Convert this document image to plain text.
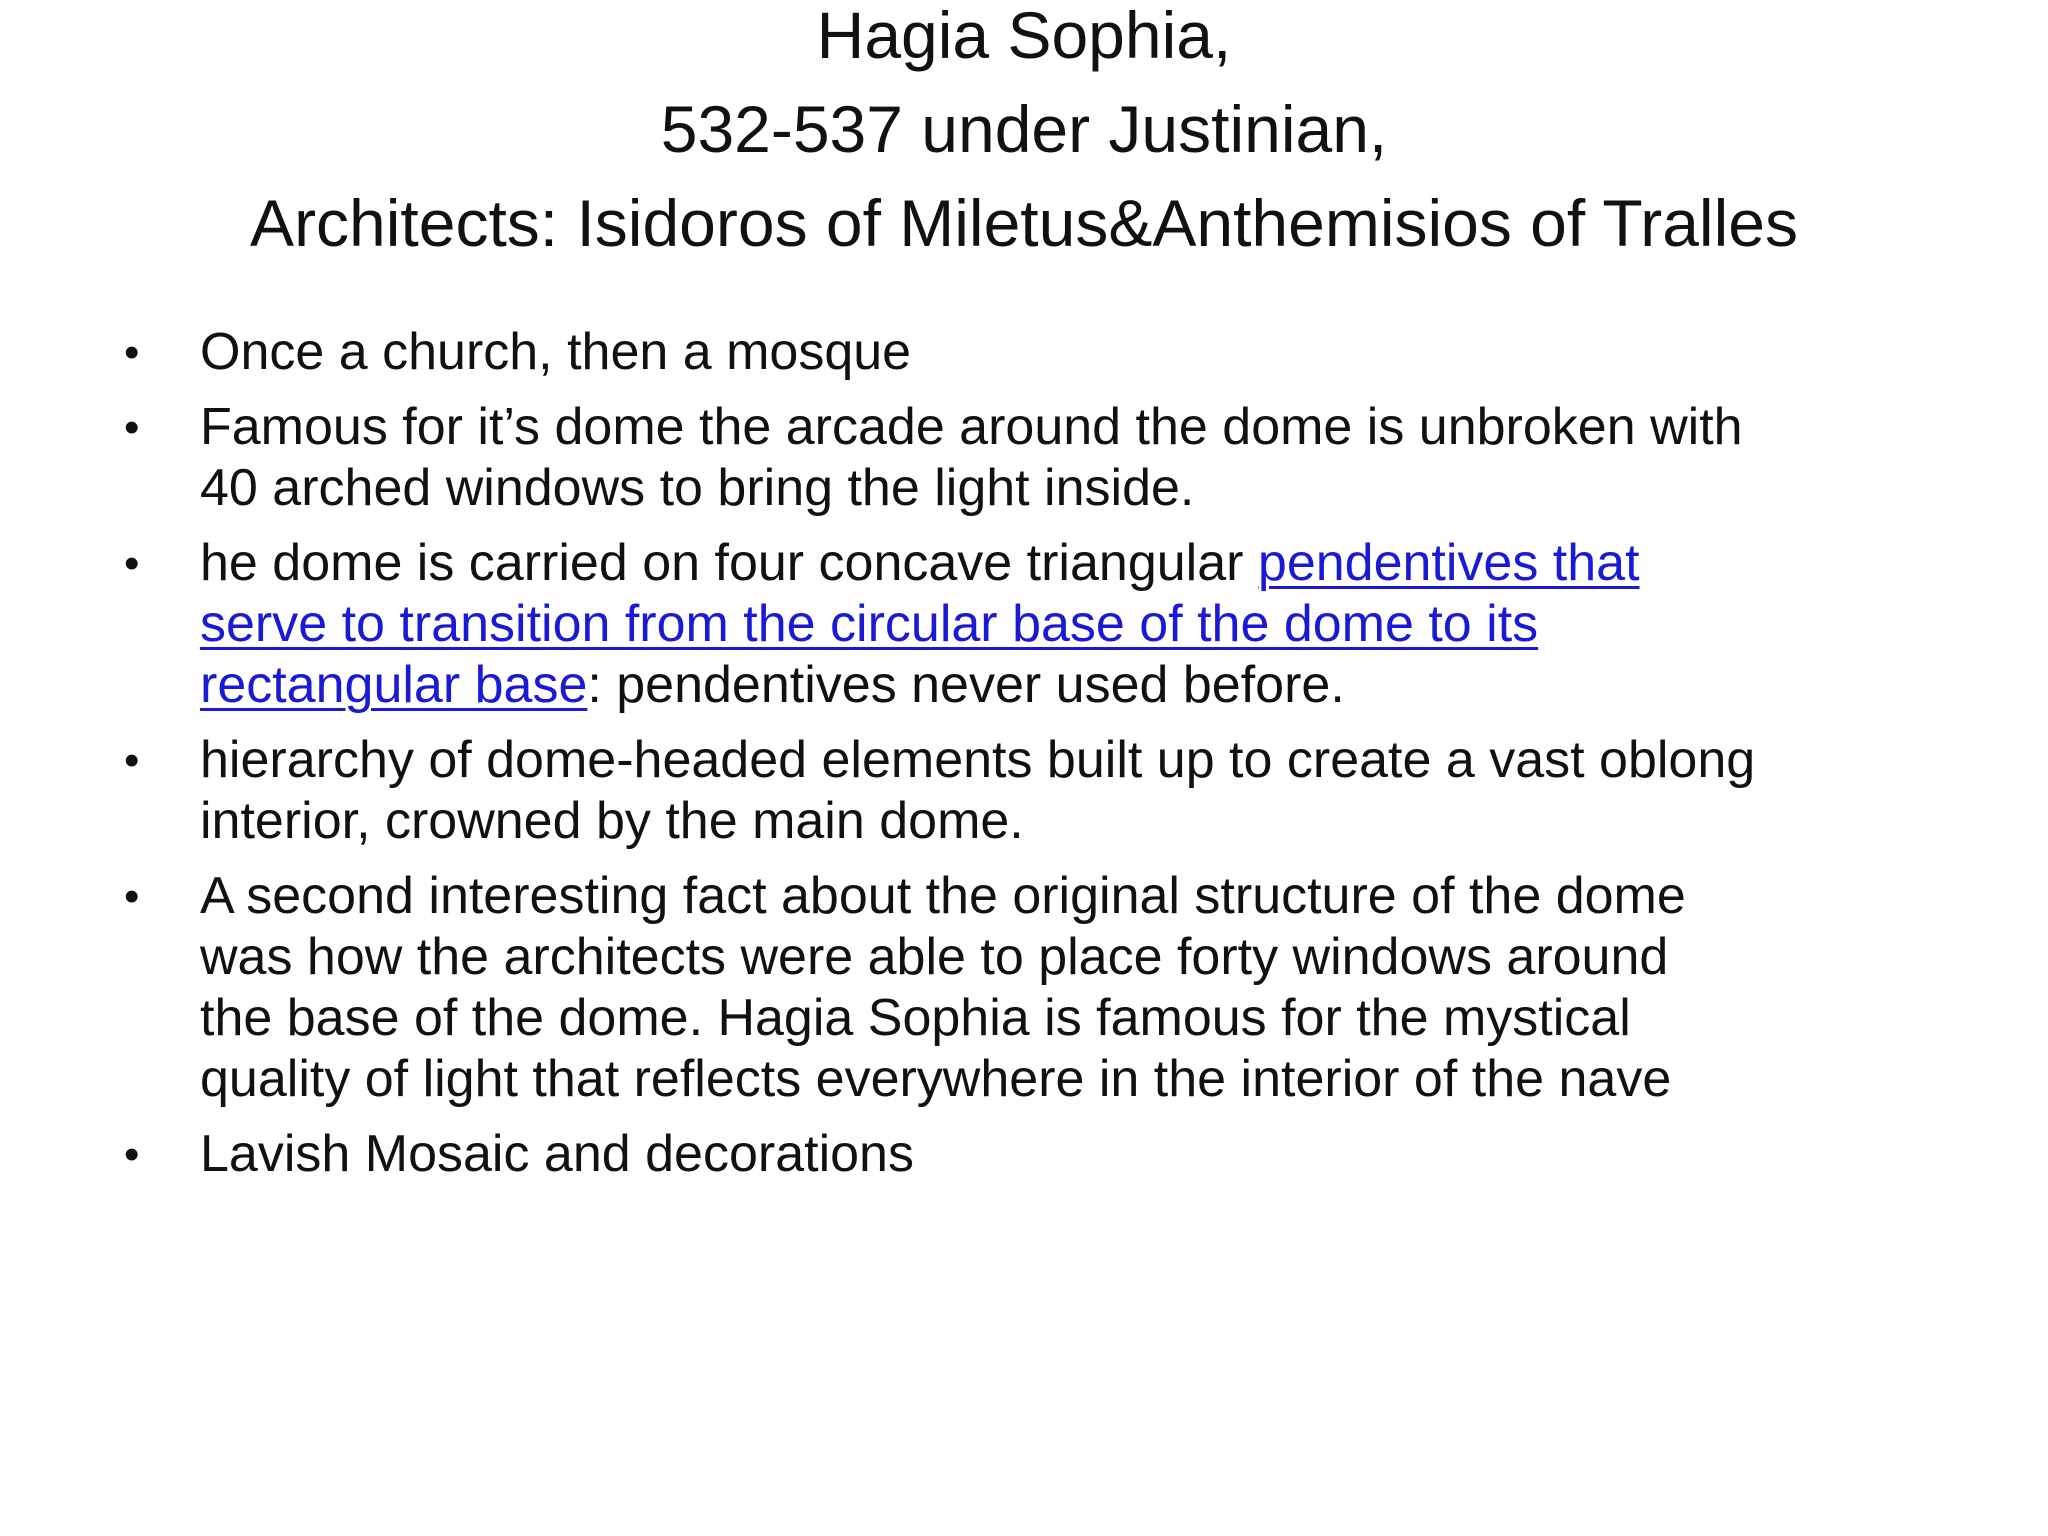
Hagia Sophia,
532-537 under Justinian,
Architects: Isidoros of Miletus&Anthemisios of Tralles
•	Once a church, then a mosque
•	Famous for it’s dome the arcade around the dome is unbroken with
40 arched windows to bring the light inside.
•	he dome is carried on four concave triangular pendentives that
serve to transition from the circular base of the dome to its
rectangular base: pendentives never used before.
•	hierarchy of dome-headed elements built up to create a vast oblong
interior, crowned by the main dome.
•	A second interesting fact about the original structure of the dome
was how the architects were able to place forty windows around
the base of the dome. Hagia Sophia is famous for the mystical
quality of light that reflects everywhere in the interior of the nave
•	Lavish Mosaic and decorations
